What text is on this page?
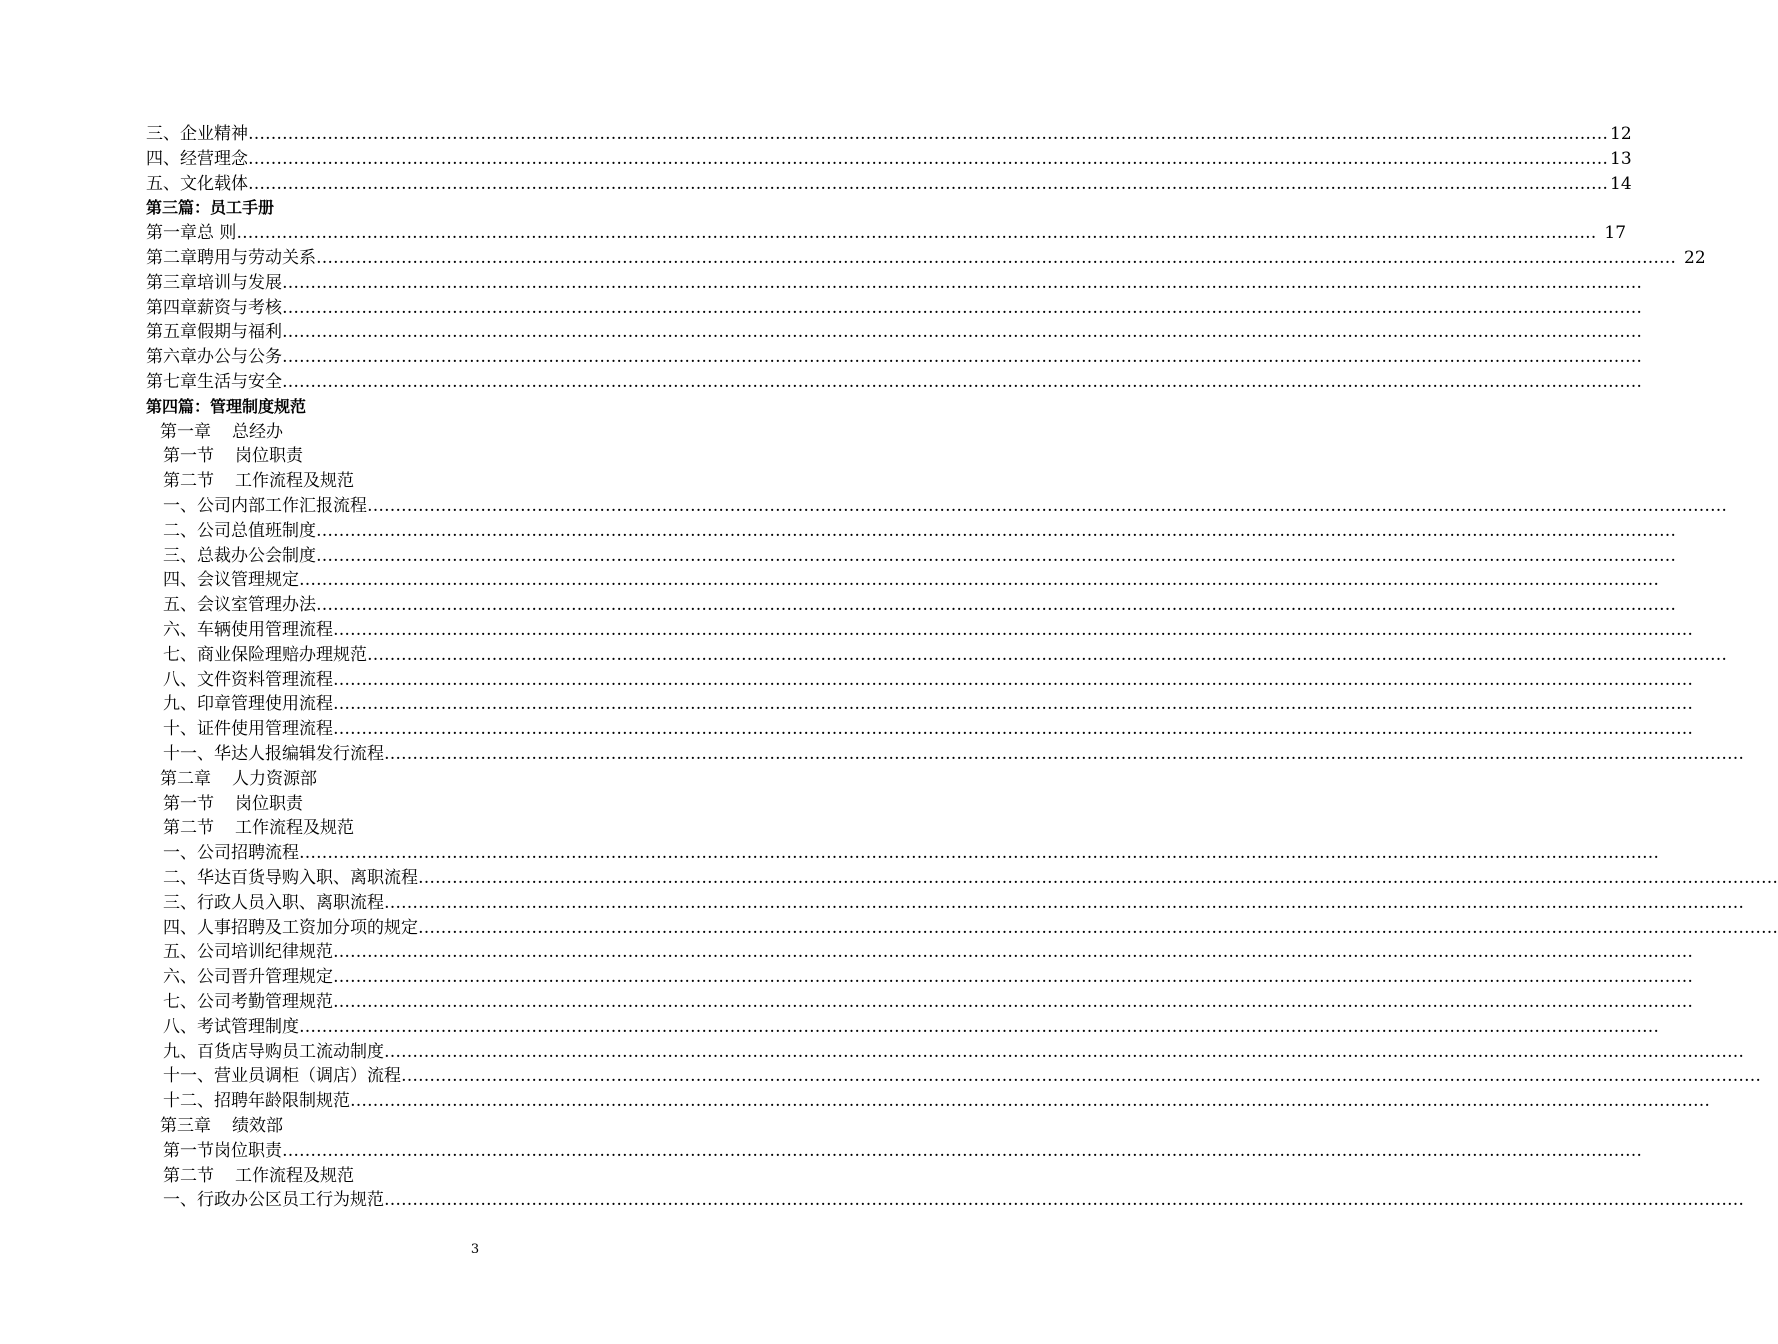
三、 企业精神 …………………………………………………………………………………………………………………………………………………………………………………………………………………… 12
四、 经营理念 …………………………………………………………………………………………………………………………………………………………………………………………………………………… 13
五、 文化载体 …………………………………………………………………………………………………………………………………………………………………………………………………………………… 14
第三篇：员工手册
第一章 总 则 …………………………………………………………………………………………………………………………………………………………………………………………………………………… 17
第二章 聘用与劳动关系 …………………………………………………………………………………………………………………………………………………………………………………………………………………… 22
第三章 培训与发展 ……………………………………………………………………………………………………………………………………………………………………………………………………………………
第四章 薪资与考核 ……………………………………………………………………………………………………………………………………………………………………………………………………………………
第五章 假期与福利 ……………………………………………………………………………………………………………………………………………………………………………………………………………………
第六章 办公与公务 ……………………………………………………………………………………………………………………………………………………………………………………………………………………
第七章 生活与安全 ……………………………………………………………………………………………………………………………………………………………………………………………………………………
第四篇：管理制度规范
第一章	总经办
第一节	岗位职责
第二节	工作流程及规范
一、 公司内部工作汇报流程 ……………………………………………………………………………………………………………………………………………………………………………………………………………………
二、 公司总值班制度 ……………………………………………………………………………………………………………………………………………………………………………………………………………………
三、 总裁办公会制度 ……………………………………………………………………………………………………………………………………………………………………………………………………………………
四、 会议管理规定 ……………………………………………………………………………………………………………………………………………………………………………………………………………………
五、 会议室管理办法 ……………………………………………………………………………………………………………………………………………………………………………………………………………………
六、 车辆使用管理流程 ……………………………………………………………………………………………………………………………………………………………………………………………………………………
七、 商业保险理赔办理规范 ……………………………………………………………………………………………………………………………………………………………………………………………………………………
八、 文件资料管理流程 ……………………………………………………………………………………………………………………………………………………………………………………………………………………
九、 印章管理使用流程 ……………………………………………………………………………………………………………………………………………………………………………………………………………………
十、 证件使用管理流程 ……………………………………………………………………………………………………………………………………………………………………………………………………………………
十一、 华达人报编辑发行流程 ……………………………………………………………………………………………………………………………………………………………………………………………………………………
第二章	人力资源部
第一节	岗位职责
第二节	工作流程及规范
一、 公司招聘流程 ……………………………………………………………………………………………………………………………………………………………………………………………………………………
二、 华达百货导购入职、离职流程 ……………………………………………………………………………………………………………………………………………………………………………………………………………………
三、 行政人员入职、离职流程 ……………………………………………………………………………………………………………………………………………………………………………………………………………………
四、 人事招聘及工资加分项的规定 ……………………………………………………………………………………………………………………………………………………………………………………………………………………
五、 公司培训纪律规范 ……………………………………………………………………………………………………………………………………………………………………………………………………………………
六、 公司晋升管理规定 ……………………………………………………………………………………………………………………………………………………………………………………………………………………
七、 公司考勤管理规范 ……………………………………………………………………………………………………………………………………………………………………………………………………………………
八、 考试管理制度 ……………………………………………………………………………………………………………………………………………………………………………………………………………………
九、 百货店导购员工流动制度 ……………………………………………………………………………………………………………………………………………………………………………………………………………………
十一、 营业员调柜（调店）流程 ……………………………………………………………………………………………………………………………………………………………………………………………………………………
十二、 招聘年龄限制规范 ……………………………………………………………………………………………………………………………………………………………………………………………………………………
第三章	绩效部
第一节 岗位职责 ……………………………………………………………………………………………………………………………………………………………………………………………………………………
第二节	工作流程及规范
一、 行政办公区员工行为规范 ……………………………………………………………………………………………………………………………………………………………………………………………………………………
3
